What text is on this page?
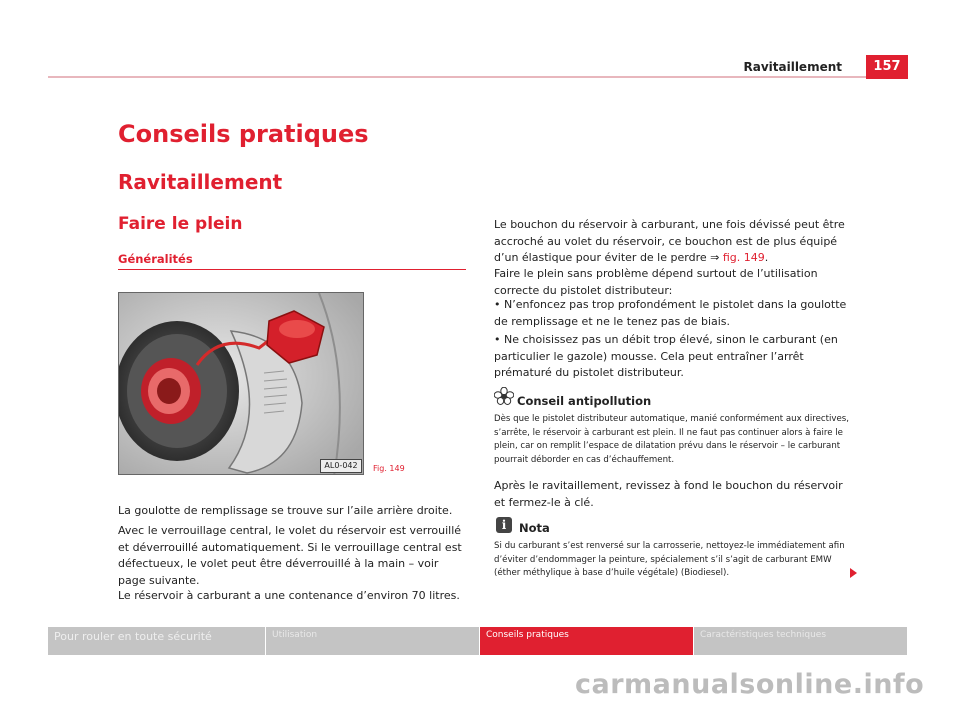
Ravitaillement	157
Conseils pratiques
Ravitaillement
Faire le plein
Généralités
AL0-042	Fig. 149
La goulotte de remplissage se trouve sur l’aile arrière droite.
Avec le verrouillage central, le volet du réservoir est verrouillé et déverrouillé automatiquement. Si le verrouillage central est défectueux, le volet peut être déverrouillé à la main – voir page suivante.
Le réservoir à carburant a une contenance d’environ 70 litres.
Le bouchon du réservoir à carburant, une fois dévissé peut être accroché au volet du réservoir, ce bouchon est de plus équipé d’un élastique pour éviter de le perdre ⇒ fig. 149.
Faire le plein sans problème dépend surtout de l’utilisation correcte du pistolet distributeur:
• N’enfoncez pas trop profondément le pistolet dans la goulotte de remplissage et ne le tenez pas de biais.
• Ne choisissez pas un débit trop élevé, sinon le carburant (en particulier le gazole) mousse. Cela peut entraîner l’arrêt prématuré du pistolet distributeur.
Conseil antipollution
Dès que le pistolet distributeur automatique, manié conformément aux directives, s’arrête, le réservoir à carburant est plein. Il ne faut pas continuer alors à faire le plein, car on remplit l’espace de dilatation prévu dans le réservoir – le carburant pourrait déborder en cas d’échauffement.
Après le ravitaillement, revissez à fond le bouchon du réservoir et fermez-le à clé.
i	Nota
Si du carburant s’est renversé sur la carrosserie, nettoyez-le immédiatement afin d’éviter d’endommager la peinture, spécialement s’il s’agit de carburant EMW (éther méthylique à base d’huile végétale) (Biodiesel).
Pour rouler en toute sécurité	Utilisation	Conseils pratiques	Caractéristiques techniques
carmanualsonline.info
